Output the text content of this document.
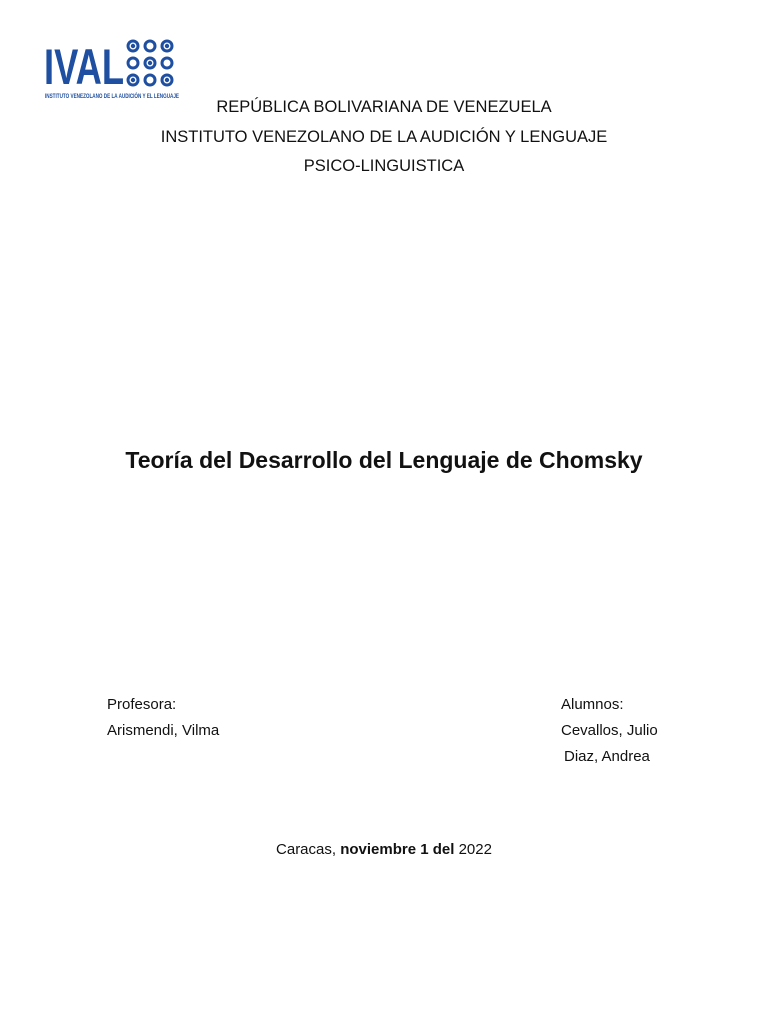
IVAL
INSTITUTO VENEZOLANO DE LA AUDICIÓN Y EL LENGUAJE
REPÚBLICA BOLIVARIANA DE VENEZUELA
INSTITUTO VENEZOLANO DE LA AUDICIÓN Y LENGUAJE
PSICO-LINGUISTICA
Teoría del Desarrollo del Lenguaje de Chomsky
Profesora:
Arismendi, Vilma
Alumnos:
Cevallos, Julio
Diaz, Andrea
Caracas, noviembre 1 del 2022
